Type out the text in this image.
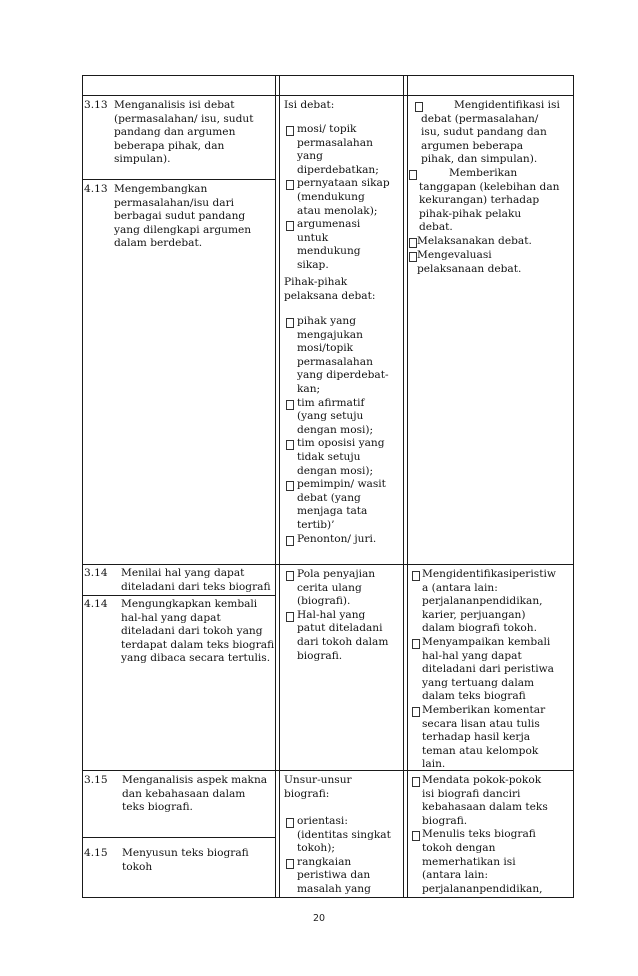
3.13 Menganalisis isi debat
(permasalahan/ isu, sudut
pandang dan argumen
beberapa pihak, dan
simpulan).
4.13 Mengembangkan
permasalahan/isu dari
berbagai sudut pandang
yang dilengkapi argumen
dalam berdebat.
Isi debat:
mosi/ topik
permasalahan
yang
diperdebatkan;
pernyataan sikap
(mendukung
atau menolak);
argumenasi
untuk
mendukung
sikap.
Pihak-pihak
pelaksana debat:
pihak yang
mengajukan
mosi/topik
permasalahan
yang diperdebat-
kan;
tim afirmatif
(yang setuju
dengan mosi);
tim oposisi yang
tidak setuju
dengan mosi);
pemimpin/ wasit
debat (yang
menjaga tata
tertib)’
Penonton/ juri.
Mengidentifikasi isi
debat (permasalahan/
isu, sudut pandang dan
argumen beberapa
pihak, dan simpulan).
Memberikan
tanggapan (kelebihan dan
kekurangan) terhadap
pihak-pihak pelaku
debat.
Melaksanakan debat.
Mengevaluasi
pelaksanaan debat.
3.14 Menilai hal yang dapat
diteladani dari teks biografi
4.14 Mengungkapkan kembali
hal-hal yang dapat
diteladani dari tokoh yang
terdapat dalam teks biografi
yang dibaca secara tertulis.
Pola penyajian
cerita ulang
(biografi).
Hal-hal yang
patut diteladani
dari tokoh dalam
biografi.
Mengidentifikasiperistiw
a (antara lain:
perjalananpendidikan,
karier, perjuangan)
dalam biografi tokoh.
Menyampaikan kembali
hal-hal yang dapat
diteladani dari peristiwa
yang tertuang dalam
dalam teks biografi
Memberikan komentar
secara lisan atau tulis
terhadap hasil kerja
teman atau kelompok
lain.
3.15 Menganalisis aspek makna
dan kebahasaan dalam
teks biografi.
4.15 Menyusun teks biografi
tokoh
Unsur-unsur
biografi:
orientasi:
(identitas singkat
tokoh);
rangkaian
peristiwa dan
masalah yang
Mendata pokok-pokok
isi biografi danciri
kebahasaan dalam teks
biografi.
Menulis teks biografi
tokoh dengan
memerhatikan isi
(antara lain:
perjalananpendidikan,
20
